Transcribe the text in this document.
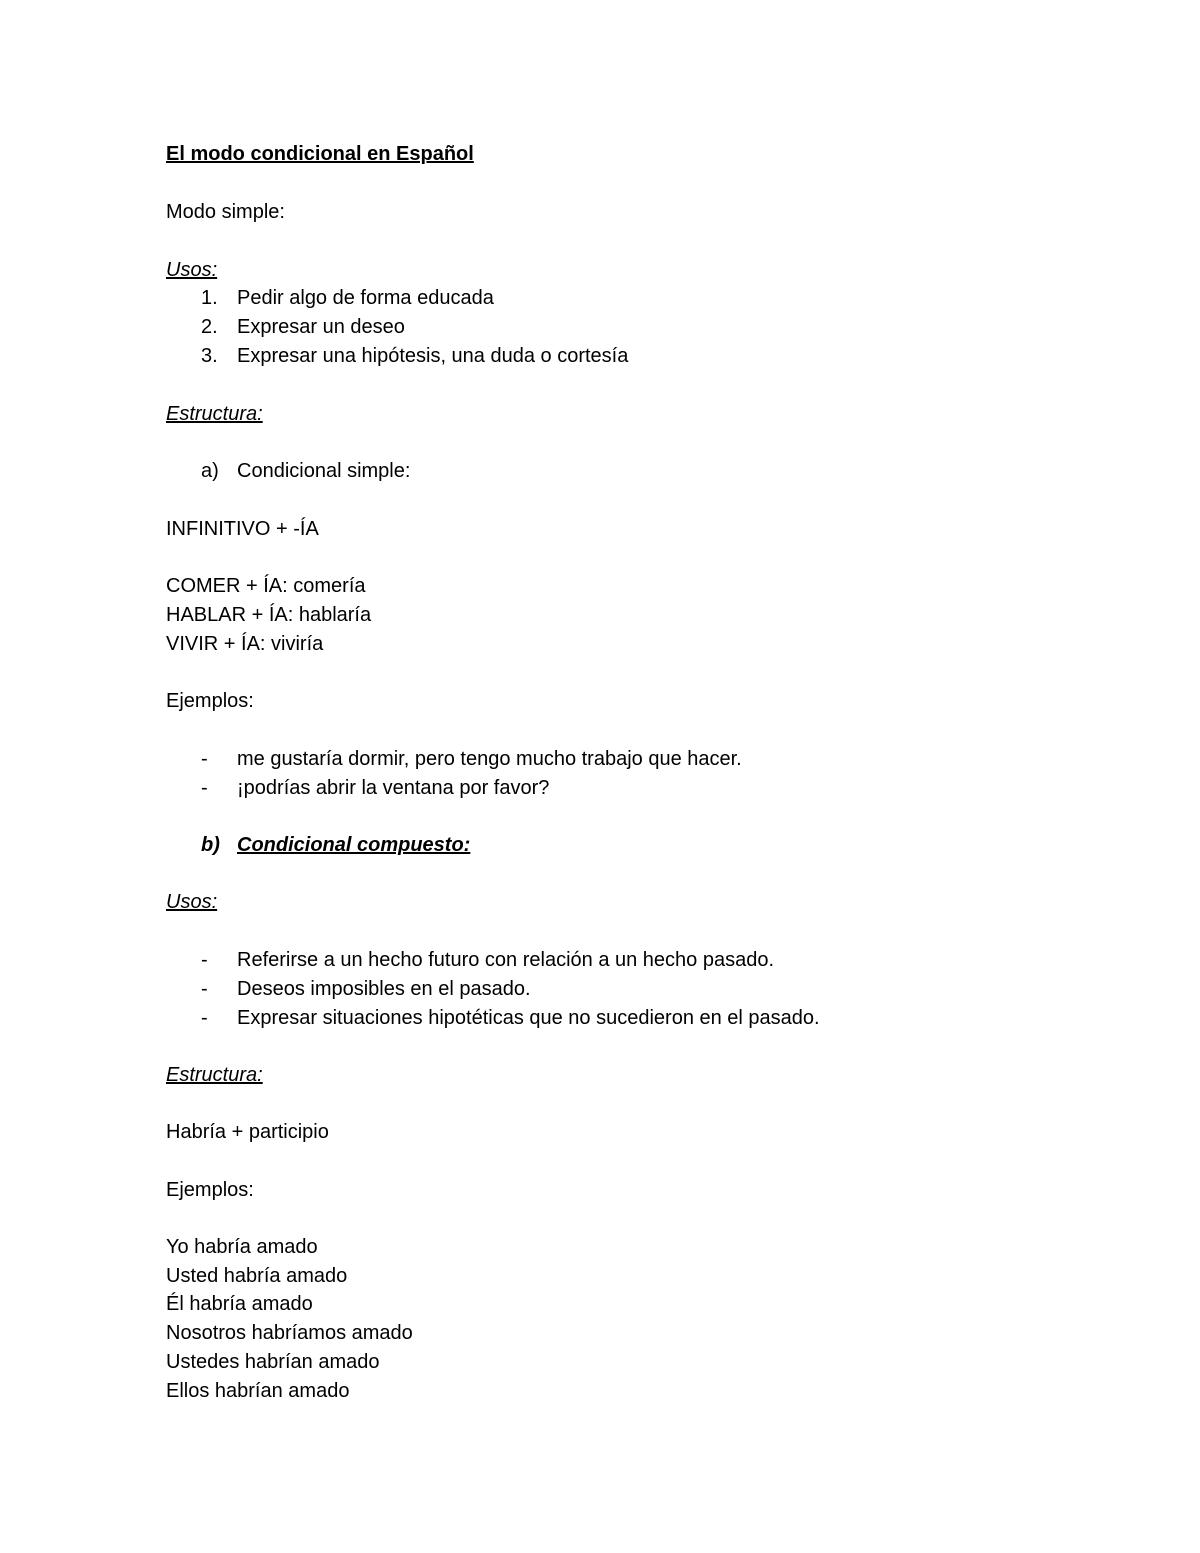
El modo condicional en Español
Modo simple:
Usos:
1. Pedir algo de forma educada
2. Expresar un deseo
3. Expresar una hipótesis, una duda o cortesía
Estructura:
a) Condicional simple:
INFINITIVO + -ÍA
COMER + ÍA: comería
HABLAR + ÍA: hablaría
VIVIR + ÍA: viviría
Ejemplos:
- me gustaría dormir, pero tengo mucho trabajo que hacer.
- ¡podrías abrir la ventana por favor?
b) Condicional compuesto:
Usos:
- Referirse a un hecho futuro con relación a un hecho pasado.
- Deseos imposibles en el pasado.
- Expresar situaciones hipotéticas que no sucedieron en el pasado.
Estructura:
Habría + participio
Ejemplos:
Yo habría amado
Usted habría amado
Él habría amado
Nosotros habríamos amado
Ustedes habrían amado
Ellos habrían amado
